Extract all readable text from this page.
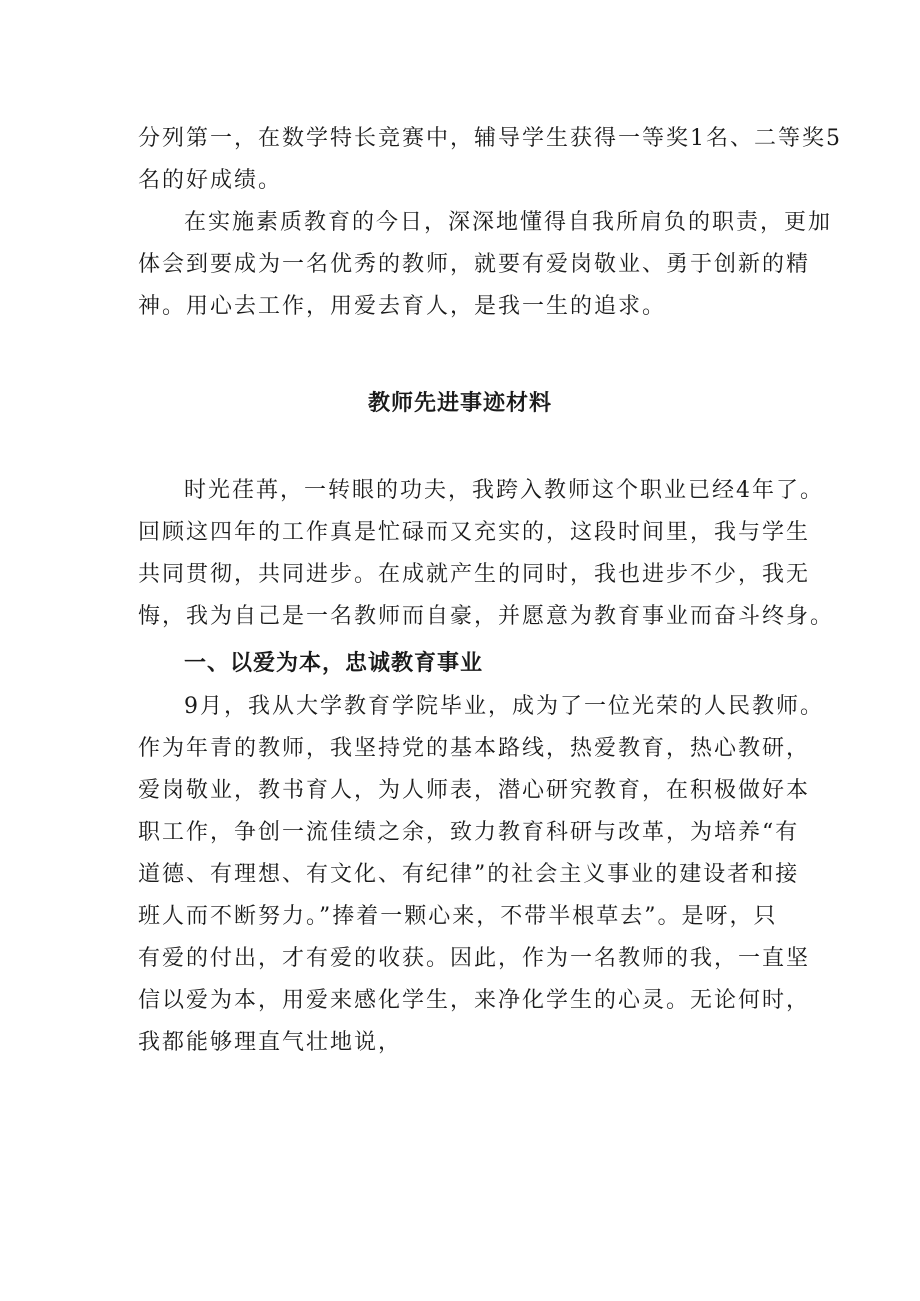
分列第一，在数学特长竞赛中，辅导学生获得一等奖1名、二等奖5
名的好成绩。

在实施素质教育的今日，深深地懂得自我所肩负的职责，更加
体会到要成为一名优秀的教师，就要有爱岗敬业、勇于创新的精
神。用心去工作，用爱去育人，是我一生的追求。

教师先进事迹材料

时光荏苒，一转眼的功夫，我跨入教师这个职业已经4年了。
回顾这四年的工作真是忙碌而又充实的，这段时间里，我与学生
共同贯彻，共同进步。在成就产生的同时，我也进步不少，我无
悔，我为自己是一名教师而自豪，并愿意为教育事业而奋斗终身。

一、以爱为本，忠诚教育事业

9月，我从大学教育学院毕业，成为了一位光荣的人民教师。
作为年青的教师，我坚持党的基本路线，热爱教育，热心教研，
爱岗敬业，教书育人，为人师表，潜心研究教育，在积极做好本
职工作，争创一流佳绩之余，致力教育科研与改革，为培养“有
道德、有理想、有文化、有纪律”的社会主义事业的建设者和接
班人而不断努力。”捧着一颗心来，不带半根草去”。是呀，只
有爱的付出，才有爱的收获。因此，作为一名教师的我，一直坚
信以爱为本，用爱来感化学生，来净化学生的心灵。无论何时，
我都能够理直气壮地说，
